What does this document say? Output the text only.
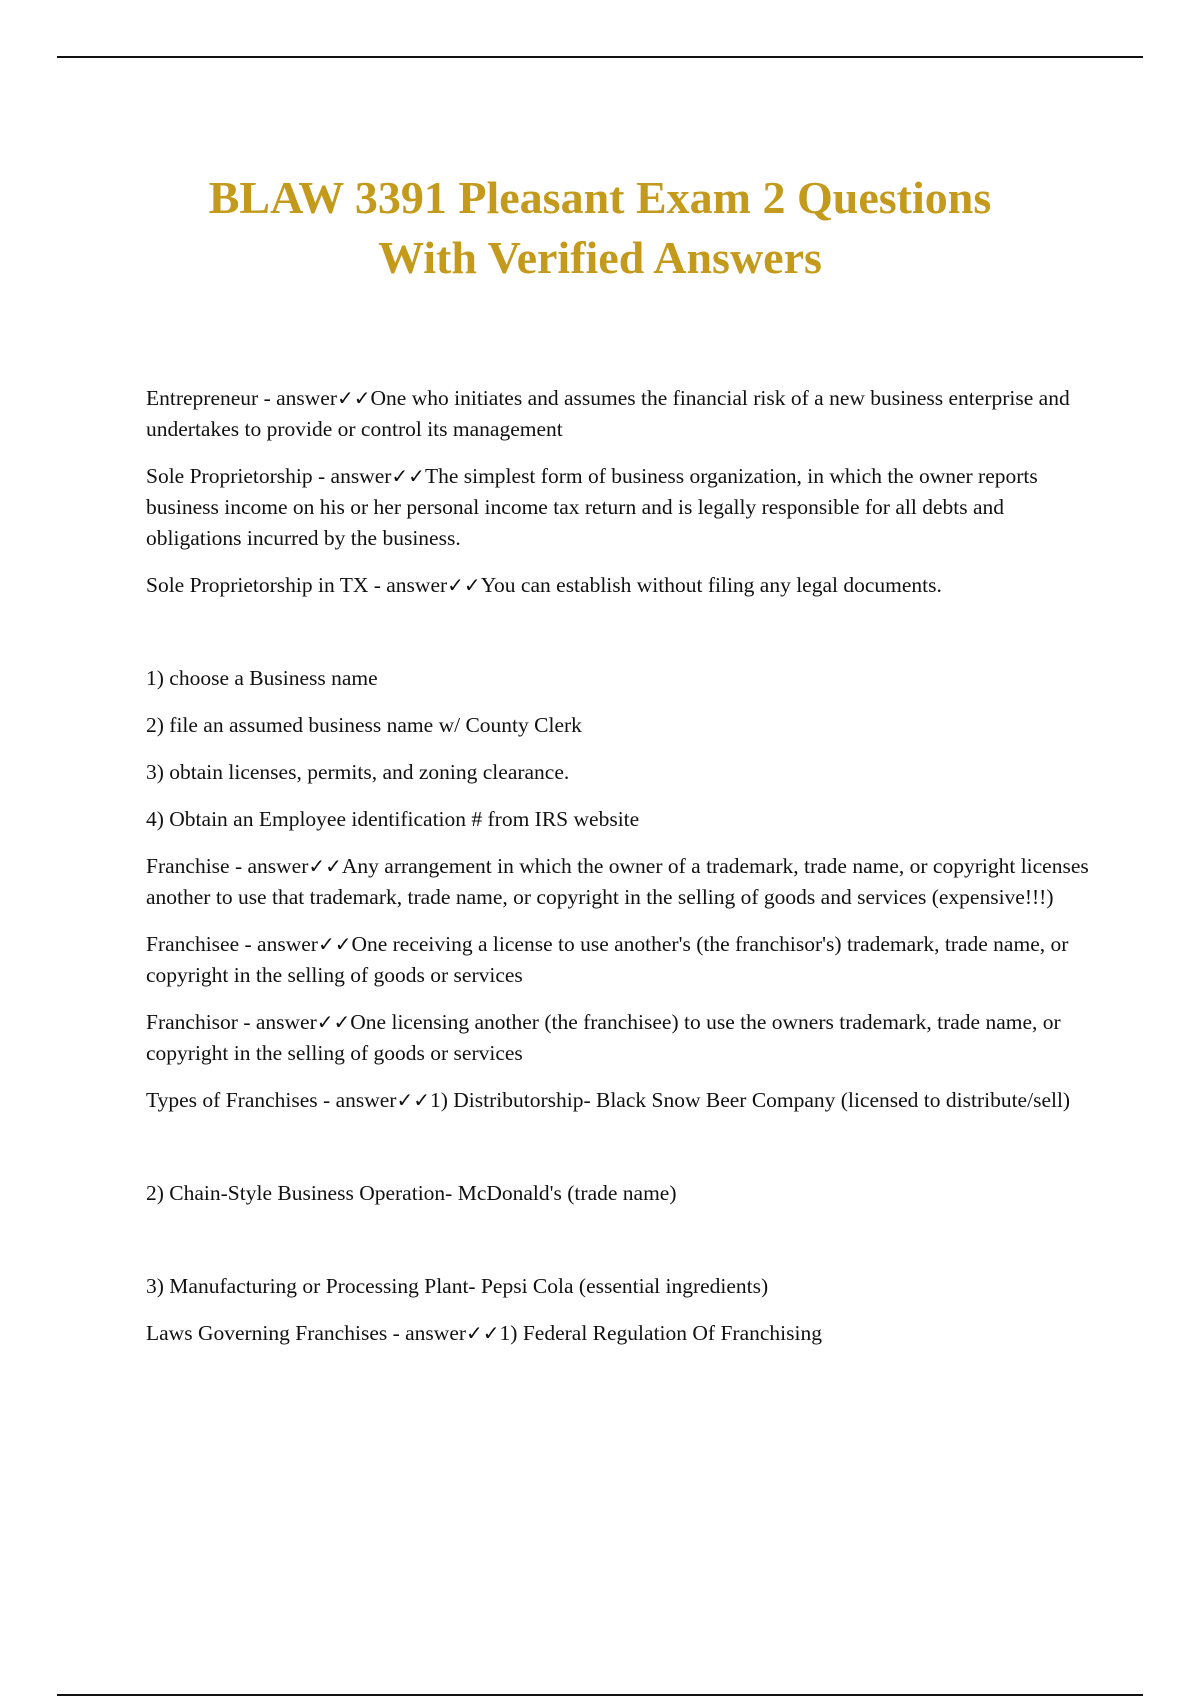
BLAW 3391 Pleasant Exam 2 Questions
With Verified Answers

Entrepreneur - answer✓✓One who initiates and assumes the financial risk of a new business enterprise and undertakes to provide or control its management

Sole Proprietorship - answer✓✓The simplest form of business organization, in which the owner reports business income on his or her personal income tax return and is legally responsible for all debts and obligations incurred by the business.

Sole Proprietorship in TX - answer✓✓You can establish without filing any legal documents.

1) choose a Business name

2) file an assumed business name w/ County Clerk

3) obtain licenses, permits, and zoning clearance.

4) Obtain an Employee identification # from IRS website

Franchise - answer✓✓Any arrangement in which the owner of a trademark, trade name, or copyright licenses another to use that trademark, trade name, or copyright in the selling of goods and services (expensive!!!)

Franchisee - answer✓✓One receiving a license to use another's (the franchisor's) trademark, trade name, or copyright in the selling of goods or services

Franchisor - answer✓✓One licensing another (the franchisee) to use the owners trademark, trade name, or copyright in the selling of goods or services

Types of Franchises - answer✓✓1) Distributorship- Black Snow Beer Company (licensed to distribute/sell)

2) Chain-Style Business Operation- McDonald's (trade name)

3) Manufacturing or Processing Plant- Pepsi Cola (essential ingredients)

Laws Governing Franchises - answer✓✓1) Federal Regulation Of Franchising
